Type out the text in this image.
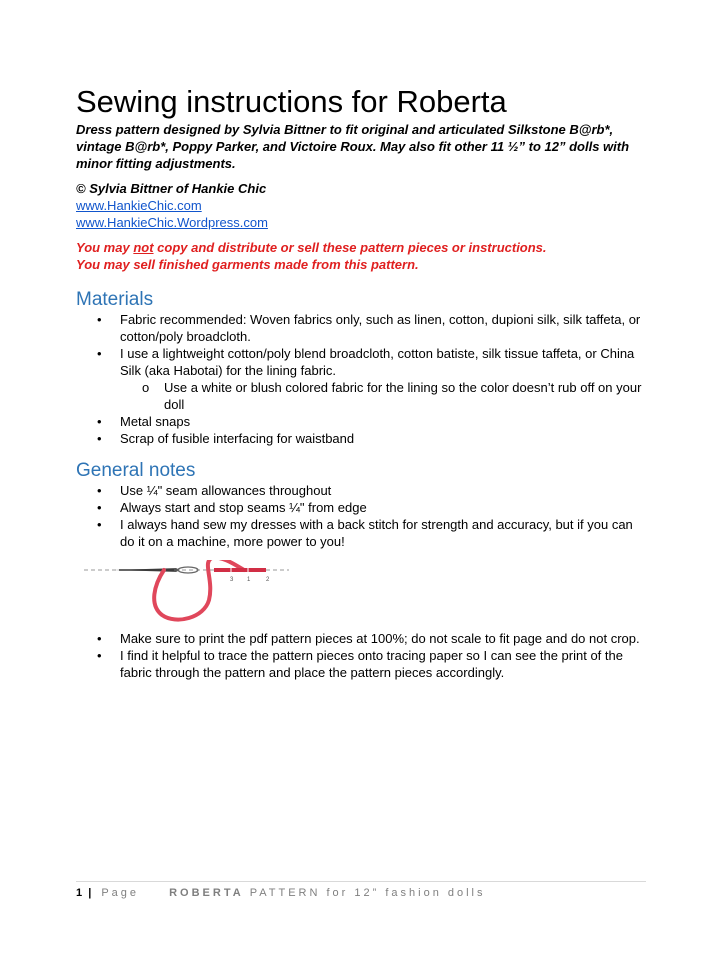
Sewing instructions for Roberta

Dress pattern designed by Sylvia Bittner to fit original and articulated Silkstone B@rb*, vintage B@rb*, Poppy Parker, and Victoire Roux. May also fit other 11 ½” to 12” dolls with minor fitting adjustments.

© Sylvia Bittner of Hankie Chic
www.HankieChic.com
www.HankieChic.Wordpress.com
You may not copy and distribute or sell these pattern pieces or instructions.
You may sell finished garments made from this pattern.
Materials
•	Fabric recommended: Woven fabrics only, such as linen, cotton, dupioni silk, silk taffeta, or cotton/poly broadcloth.
•	I use a lightweight cotton/poly blend broadcloth, cotton batiste, silk tissue taffeta, or China Silk (aka Habotai) for the lining fabric.
o Use a white or blush colored fabric for the lining so the color doesn’t rub off on your doll
•	Metal snaps
•	Scrap of fusible interfacing for waistband
General notes
•	Use ¼" seam allowances throughout
•	Always start and stop seams ¼" from edge
•	I always hand sew my dresses with a back stitch for strength and accuracy, but if you can do it on a machine, more power to you!
3 1	2
•	Make sure to print the pdf pattern pieces at 100%; do not scale to fit page and do not crop.
•	I find it helpful to trace the pattern pieces onto tracing paper so I can see the print of the fabric through the pattern and place the pattern pieces accordingly.
1 | Page	ROBERTA PATTERN for 12” fashion dolls
